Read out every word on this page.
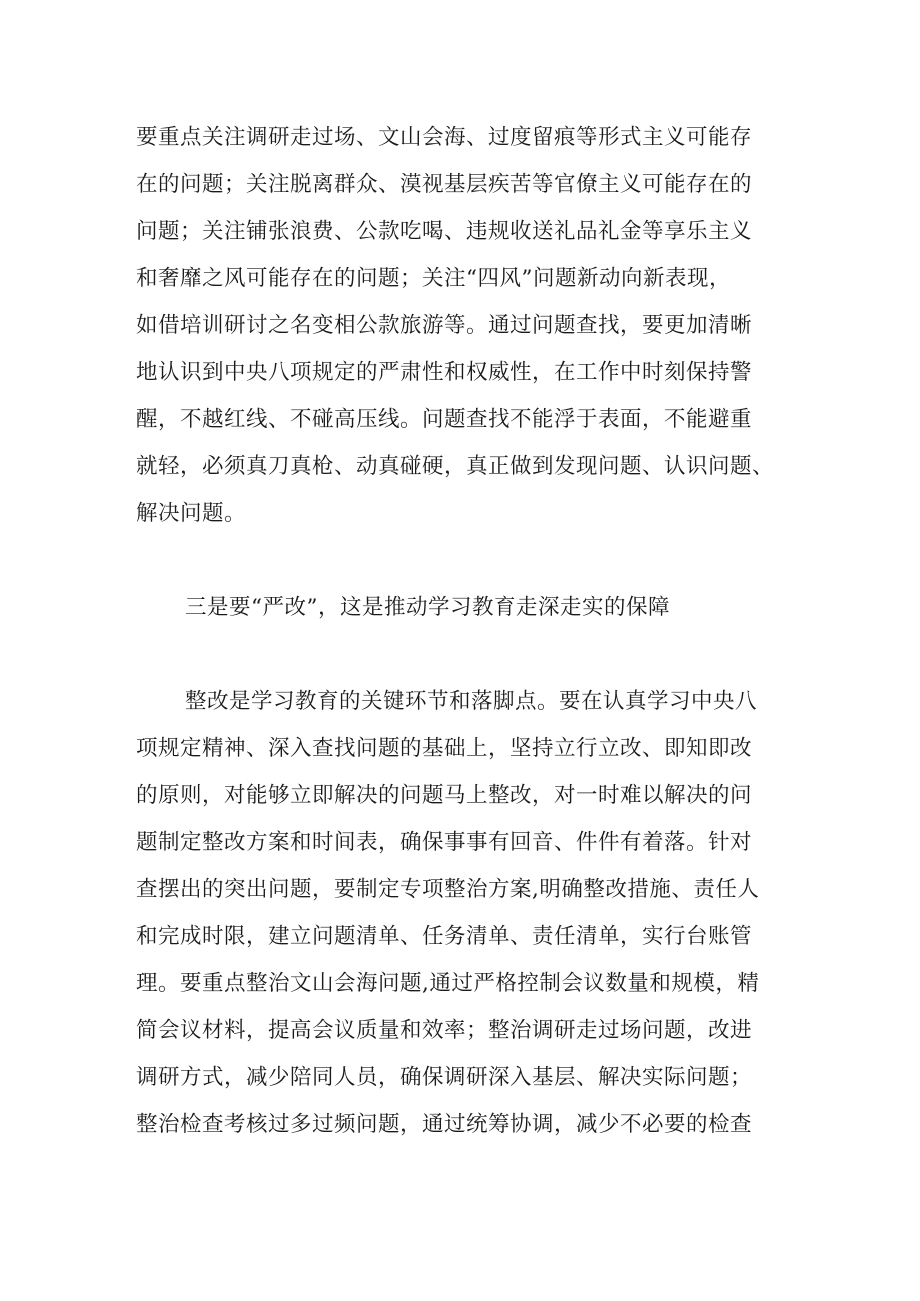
要重点关注调研走过场、文山会海、过度留痕等形式主义可能存
在的问题；关注脱离群众、漠视基层疾苦等官僚主义可能存在的
问题；关注铺张浪费、公款吃喝、违规收送礼品礼金等享乐主义
和奢靡之风可能存在的问题；关注“四风”问题新动向新表现，
如借培训研讨之名变相公款旅游等。通过问题查找，要更加清晰
地认识到中央八项规定的严肃性和权威性，在工作中时刻保持警
醒，不越红线、不碰高压线。问题查找不能浮于表面，不能避重
就轻，必须真刀真枪、动真碰硬，真正做到发现问题、认识问题、
解决问题。
三是要“严改”，这是推动学习教育走深走实的保障
整改是学习教育的关键环节和落脚点。要在认真学习中央八
项规定精神、深入查找问题的基础上，坚持立行立改、即知即改
的原则，对能够立即解决的问题马上整改，对一时难以解决的问
题制定整改方案和时间表，确保事事有回音、件件有着落。针对
查摆出的突出问题，要制定专项整治方案,明确整改措施、责任人
和完成时限，建立问题清单、任务清单、责任清单，实行台账管
理。要重点整治文山会海问题,通过严格控制会议数量和规模，精
简会议材料，提高会议质量和效率；整治调研走过场问题，改进
调研方式，减少陪同人员，确保调研深入基层、解决实际问题；
整治检查考核过多过频问题，通过统筹协调，减少不必要的检查
